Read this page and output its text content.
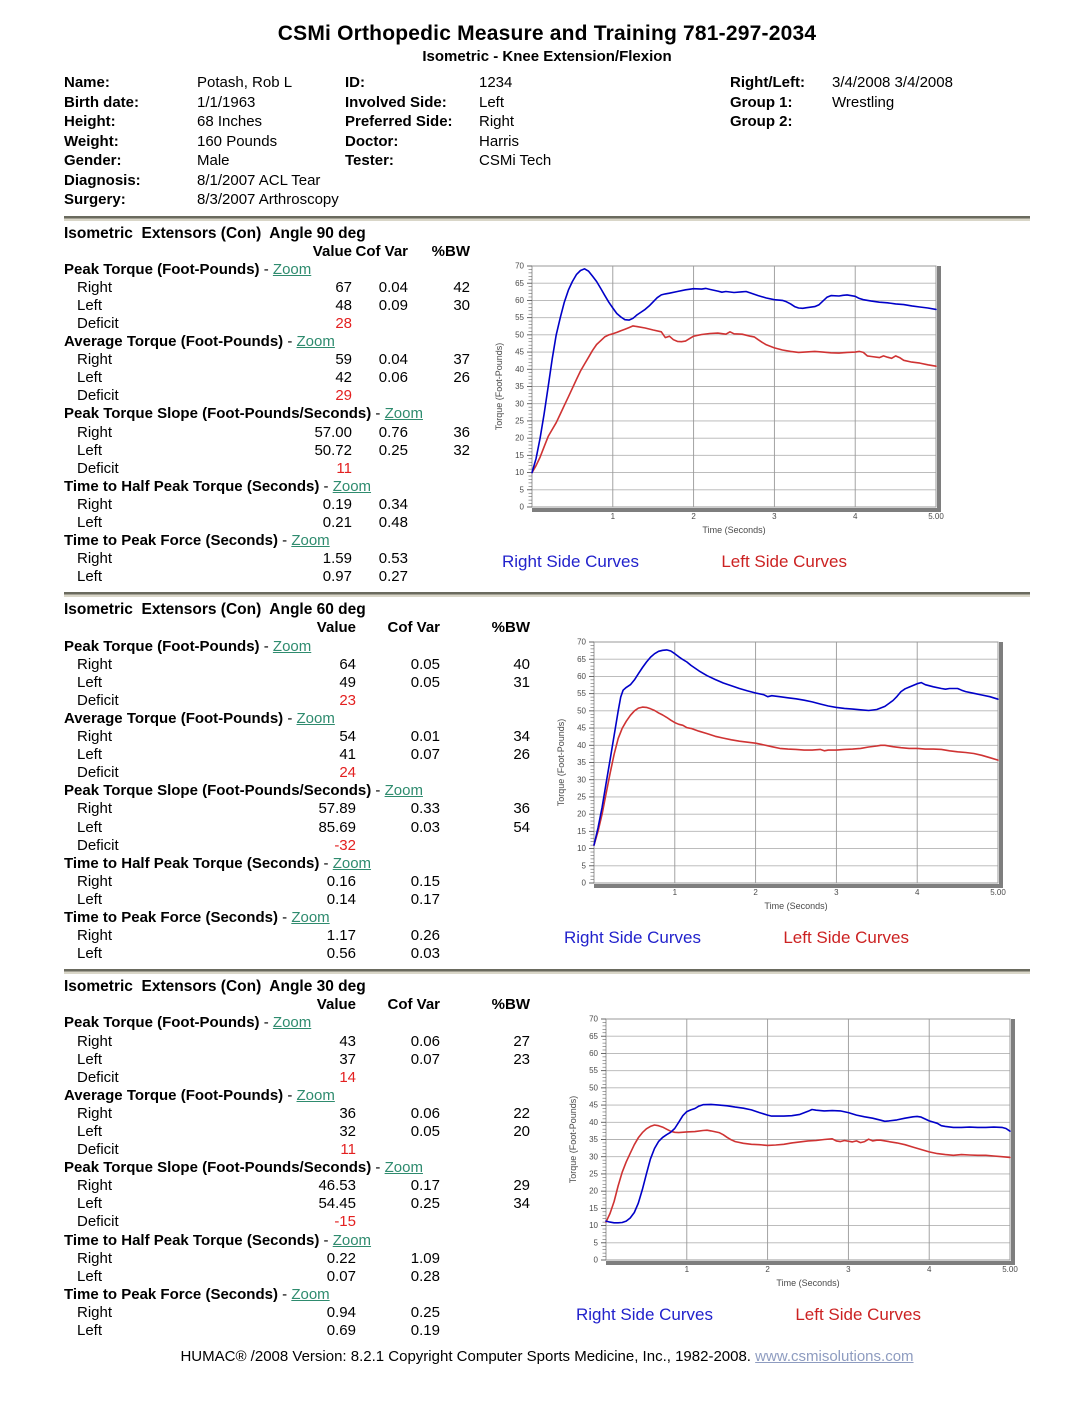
CSMi Orthopedic Measure and Training 781-297-2034
Isometric - Knee Extension/Flexion
Name:	Potash, Rob L
Birth date:	1/1/1963
Height:	68 Inches
Weight:	160 Pounds
Gender:	Male
Diagnosis:	8/1/2007 ACL Tear
Surgery:	8/3/2007 Arthroscopy
ID:	1234
Involved Side:	Left
Preferred Side:	Right
Doctor:	Harris
Tester:	CSMi Tech
Right/Left:	3/4/2008 3/4/2008
Group 1:	Wrestling
Group 2:
Isometric  Extensors (Con)  Angle 90 deg
Value Cof Var	%BW
Peak Torque (Foot-Pounds) - Zoom
Right	67	0.04	42
Left	48	0.09	30
Deficit	28
Average Torque (Foot-Pounds) - Zoom
Right	59	0.04	37
Left	42	0.06	26
Deficit	29
Peak Torque Slope (Foot-Pounds/Seconds) - Zoom
Right	57.00	0.76	36
Left	50.72	0.25	32
Deficit	11
Time to Half Peak Torque (Seconds) - Zoom
Right	0.19	0.34
Left	0.21	0.48
Time to Peak Force (Seconds) - Zoom
Right	1.59	0.53
Left	0.97	0.27
0
5
10
15
20
25
30
35
40
45
50
55
60
65
70
1	2	3	4	5.00
Time (Seconds)
Torque (Foot-Pounds)
Right Side Curves	Left Side Curves
Isometric  Extensors (Con)  Angle 60 deg
Value	Cof Var	%BW
Peak Torque (Foot-Pounds) - Zoom
Right	64	0.05	40
Left	49	0.05	31
Deficit	23
Average Torque (Foot-Pounds) - Zoom
Right	54	0.01	34
Left	41	0.07	26
Deficit	24
Peak Torque Slope (Foot-Pounds/Seconds) - Zoom
Right	57.89	0.33	36
Left	85.69	0.03	54
Deficit	-32
Time to Half Peak Torque (Seconds) - Zoom
Right	0.16	0.15
Left	0.14	0.17
Time to Peak Force (Seconds) - Zoom
Right	1.17	0.26
Left	0.56	0.03
0
5
10
15
20
25
30
35
40
45
50
55
60
65
70
1	2	3	4	5.00
Time (Seconds)
Torque (Foot-Pounds)
Right Side Curves	Left Side Curves
Isometric  Extensors (Con)  Angle 30 deg
Value	Cof Var	%BW
Peak Torque (Foot-Pounds) - Zoom
Right	43	0.06	27
Left	37	0.07	23
Deficit	14
Average Torque (Foot-Pounds) - Zoom
Right	36	0.06	22
Left	32	0.05	20
Deficit	11
Peak Torque Slope (Foot-Pounds/Seconds) - Zoom
Right	46.53	0.17	29
Left	54.45	0.25	34
Deficit	-15
Time to Half Peak Torque (Seconds) - Zoom
Right	0.22	1.09
Left	0.07	0.28
Time to Peak Force (Seconds) - Zoom
Right	0.94	0.25
Left	0.69	0.19
0
5
10
15
20
25
30
35
40
45
50
55
60
65
70
1	2	3	4	5.00
Time (Seconds)
Torque (Foot-Pounds)
Right Side Curves	Left Side Curves
HUMAC® /2008 Version: 8.2.1 Copyright Computer Sports Medicine, Inc., 1982-2008. www.csmisolutions.com
